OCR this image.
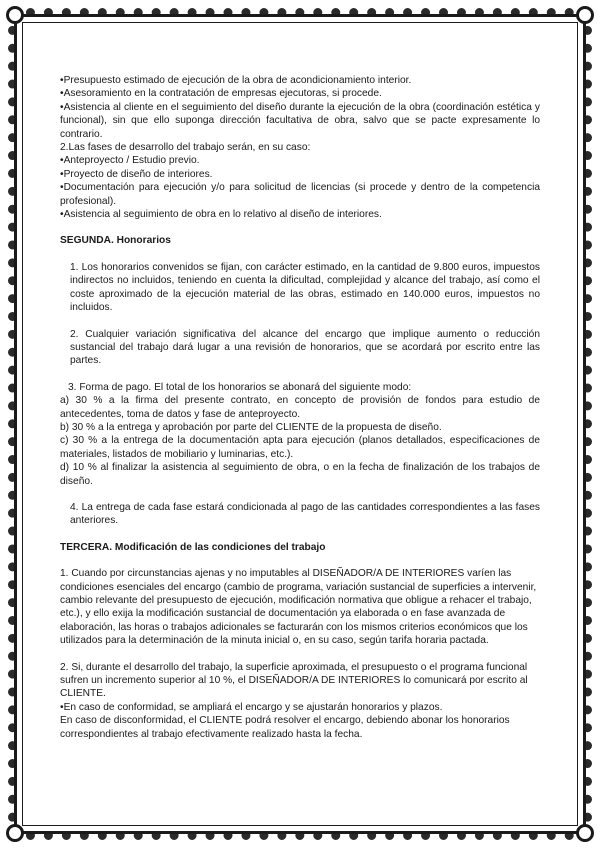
•Presupuesto estimado de ejecución de la obra de acondicionamiento interior.

•Asesoramiento en la contratación de empresas ejecutoras, si procede.

•Asistencia al cliente en el seguimiento del diseño durante la ejecución de la obra (coordinación estética y funcional), sin que ello suponga dirección facultativa de obra, salvo que se pacte expresamente lo contrario.

2.Las fases de desarrollo del trabajo serán, en su caso:

•Anteproyecto / Estudio previo.

•Proyecto de diseño de interiores.

•Documentación para ejecución y/o para solicitud de licencias (si procede y dentro de la competencia profesional).

•Asistencia al seguimiento de obra en lo relativo al diseño de interiores.

SEGUNDA. Honorarios

1. Los honorarios convenidos se fijan, con carácter estimado, en la cantidad de 9.800 euros, impuestos indirectos no incluidos, teniendo en cuenta la dificultad, complejidad y alcance del trabajo, así como el coste aproximado de la ejecución material de las obras, estimado en 140.000 euros, impuestos no incluidos.

2. Cualquier variación significativa del alcance del encargo que implique aumento o reducción sustancial del trabajo dará lugar a una revisión de honorarios, que se acordará por escrito entre las partes.

3. Forma de pago. El total de los honorarios se abonará del siguiente modo:

a) 30 % a la firma del presente contrato, en concepto de provisión de fondos para estudio de antecedentes, toma de datos y fase de anteproyecto.

b) 30 % a la entrega y aprobación por parte del CLIENTE de la propuesta de diseño.

c) 30 % a la entrega de la documentación apta para ejecución (planos detallados, especificaciones de materiales, listados de mobiliario y luminarias, etc.).

d) 10 % al finalizar la asistencia al seguimiento de obra, o en la fecha de finalización de los trabajos de diseño.

4. La entrega de cada fase estará condicionada al pago de las cantidades correspondientes a las fases anteriores.

TERCERA. Modificación de las condiciones del trabajo

1. Cuando por circunstancias ajenas y no imputables al DISEÑADOR/A DE INTERIORES varíen las condiciones esenciales del encargo (cambio de programa, variación sustancial de superficies a intervenir, cambio relevante del presupuesto de ejecución, modificación normativa que obligue a rehacer el trabajo, etc.), y ello exija la modificación sustancial de documentación ya elaborada o en fase avanzada de elaboración, las horas o trabajos adicionales se facturarán con los mismos criterios económicos que los utilizados para la determinación de la minuta inicial o, en su caso, según tarifa horaria pactada.

2. Si, durante el desarrollo del trabajo, la superficie aproximada, el presupuesto o el programa funcional sufren un incremento superior al 10 %, el DISEÑADOR/A DE INTERIORES lo comunicará por escrito al CLIENTE.

•En caso de conformidad, se ampliará el encargo y se ajustarán honorarios y plazos.

En caso de disconformidad, el CLIENTE podrá resolver el encargo, debiendo abonar los honorarios correspondientes al trabajo efectivamente realizado hasta la fecha.
